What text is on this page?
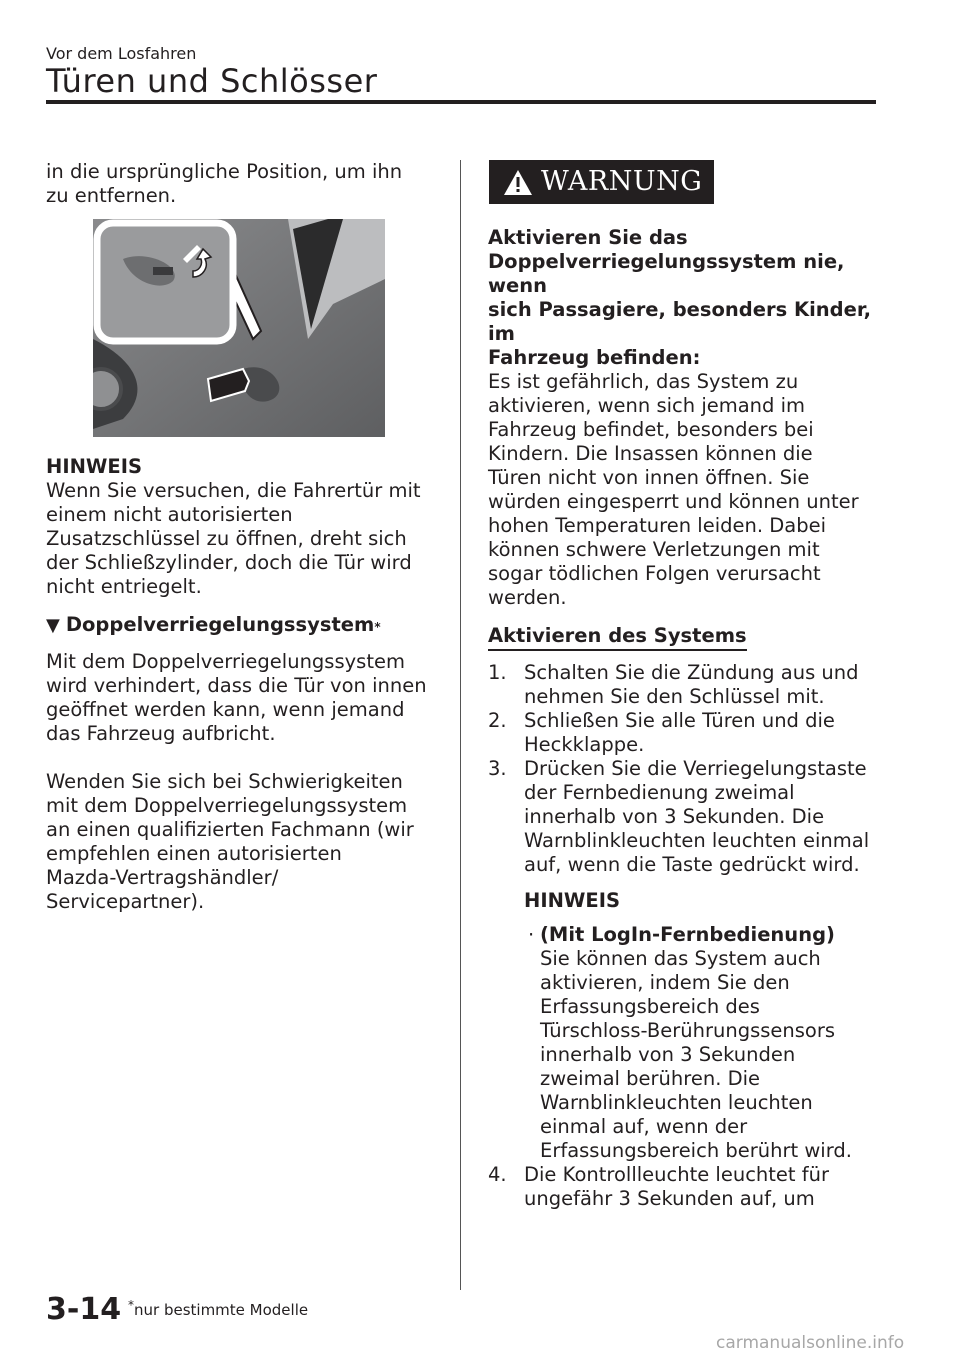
Vor dem Losfahren
Türen und Schlösser
in die ursprüngliche Position, um ihn
zu entfernen.
HINWEIS
Wenn Sie versuchen, die Fahrertür mit
einem nicht autorisierten
Zusatzschlüssel zu öffnen, dreht sich
der Schließzylinder, doch die Tür wird
nicht entriegelt.
▼ Doppelverriegelungssystem *
Mit dem Doppelverriegelungssystem
wird verhindert, dass die Tür von innen
geöffnet werden kann, wenn jemand
das Fahrzeug aufbricht.
Wenden Sie sich bei Schwierigkeiten
mit dem Doppelverriegelungssystem
an einen qualifizierten Fachmann (wir
empfehlen einen autorisierten
Mazda-Vertragshändler/
Servicepartner).
WARNUNG
Aktivieren Sie das
Doppelverriegelungssystem nie, wenn
sich Passagiere, besonders Kinder, im
Fahrzeug befinden:
Es ist gefährlich, das System zu
aktivieren, wenn sich jemand im
Fahrzeug befindet, besonders bei
Kindern. Die Insassen können die
Türen nicht von innen öffnen. Sie
würden eingesperrt und können unter
hohen Temperaturen leiden. Dabei
können schwere Verletzungen mit
sogar tödlichen Folgen verursacht
werden.
Aktivieren des Systems
1. Schalten Sie die Zündung aus und
nehmen Sie den Schlüssel mit.
2. Schließen Sie alle Türen und die
Heckklappe.
3. Drücken Sie die Verriegelungstaste
der Fernbedienung zweimal
innerhalb von 3 Sekunden. Die
Warnblinkleuchten leuchten einmal
auf, wenn die Taste gedrückt wird.
HINWEIS
· (Mit LogIn-Fernbedienung)
Sie können das System auch
aktivieren, indem Sie den
Erfassungsbereich des
Türschloss-Berührungssensors
innerhalb von 3 Sekunden
zweimal berühren. Die
Warnblinkleuchten leuchten
einmal auf, wenn der
Erfassungsbereich berührt wird.
4. Die Kontrollleuchte leuchtet für
ungefähr 3 Sekunden auf, um
3-14 *nur bestimmte Modelle
carmanualsonline.info
